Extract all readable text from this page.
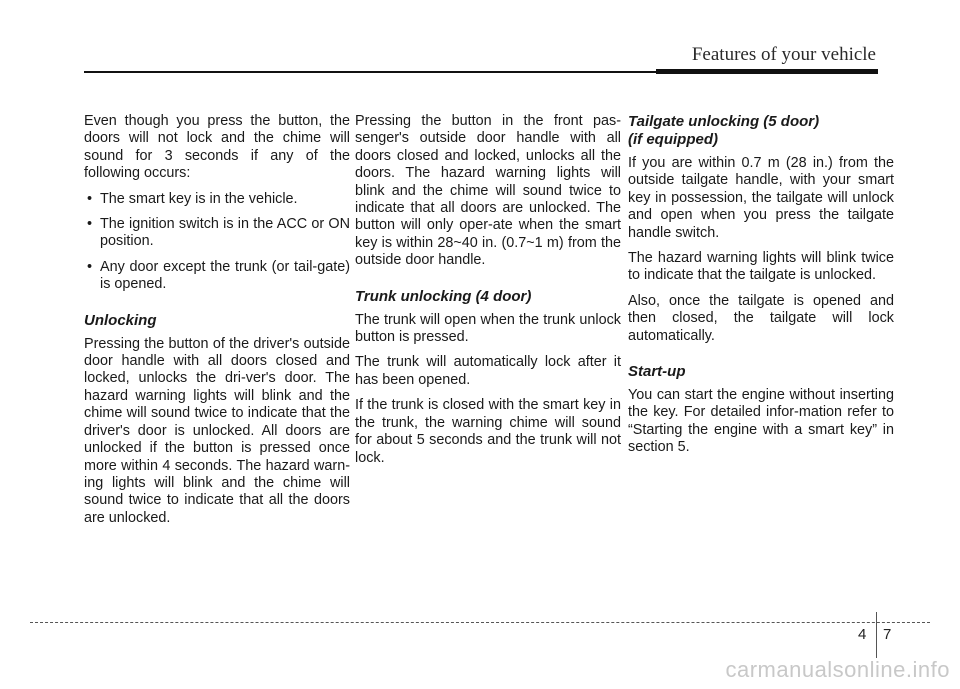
Features of your vehicle

Even though you press the button, the doors will not lock and the chime will sound for 3 seconds if any of the following occurs:

• The smart key is in the vehicle.
• The ignition switch is in the ACC or ON position.
• Any door except the trunk (or tail-gate) is opened.
Unlocking

Pressing the button of the driver's outside door handle with all doors closed and locked, unlocks the dri-ver's door. The hazard warning lights will blink and the chime will sound twice to indicate that the driver's door is unlocked. All doors are unlocked if the button is pressed once more within 4 seconds. The hazard warn-ing lights will blink and the chime will sound twice to indicate that all the doors are unlocked.

Pressing the button in the front pas-senger's outside door handle with all doors closed and locked, unlocks all the doors. The hazard warning lights will blink and the chime will sound twice to indicate that all doors are unlocked. The button will only oper-ate when the smart key is within 28~40 in. (0.7~1 m) from the outside door handle.

Trunk unlocking (4 door)

The trunk will open when the trunk unlock button is pressed.

The trunk will automatically lock after it has been opened.

If the trunk is closed with the smart key in the trunk, the warning chime will sound for about 5 seconds and the trunk will not lock.

Tailgate unlocking (5 door)
(if equipped)

If you are within 0.7 m (28 in.) from the outside tailgate handle, with your smart key in possession, the tailgate will unlock and open when you press the tailgate handle switch.

The hazard warning lights will blink twice to indicate that the tailgate is unlocked.

Also, once the tailgate is opened and then closed, the tailgate will lock automatically.

Start-up

You can start the engine without inserting the key. For detailed infor-mation refer to “Starting the engine with a smart key” in section 5.

4 7
carmanualsonline.info
